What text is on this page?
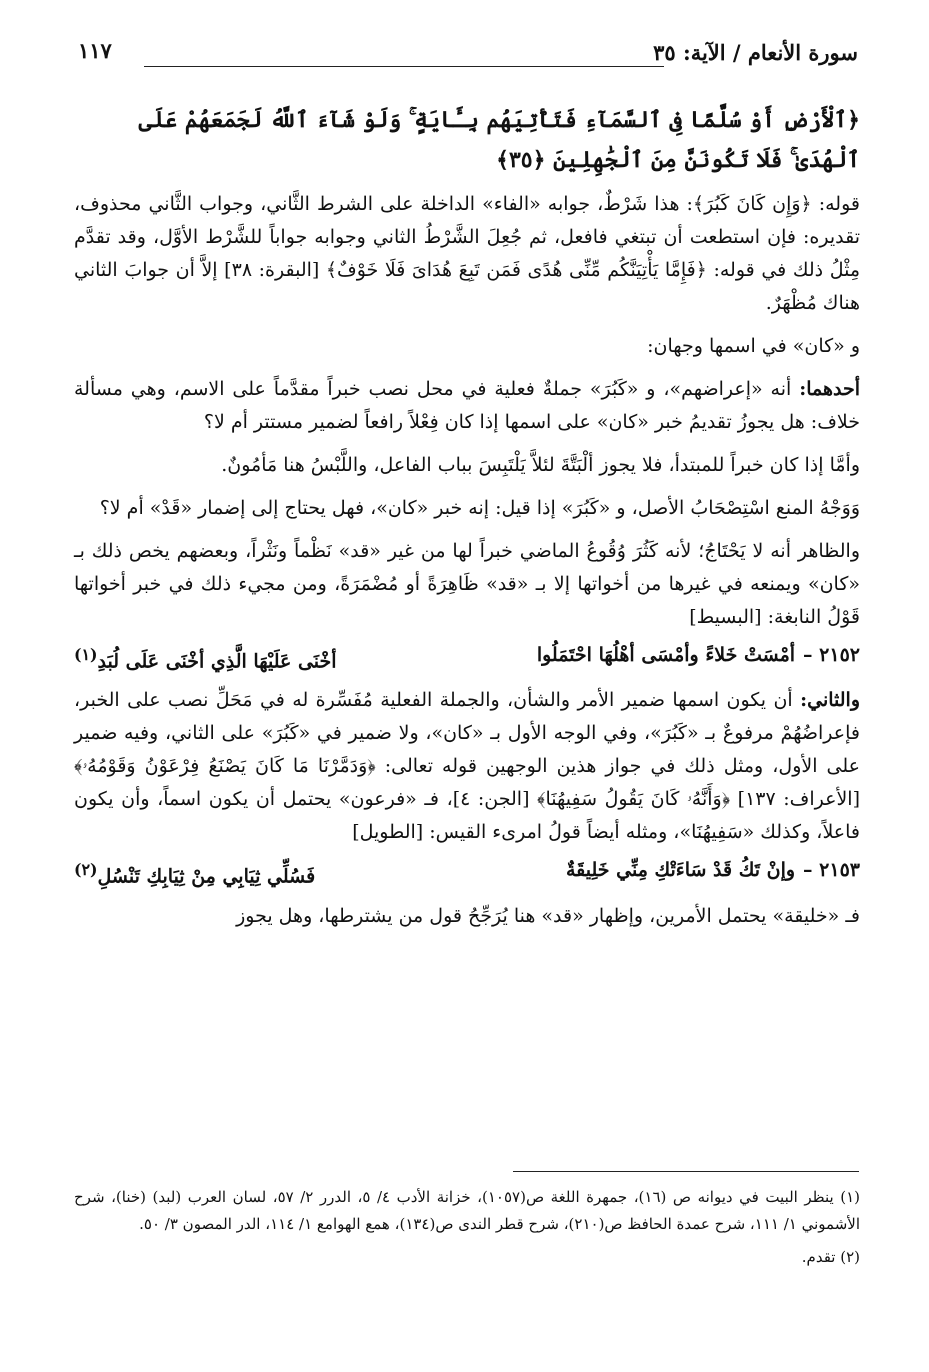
سورة الأنعام / الآية: ٣٥
١١٧

﴿ٱلْأَرْضِ أَوْ سُلَّمًا فِى ٱلسَّمَآءِ فَتَأْتِيَهُم بِـَٔايَةٍ ۚ وَلَوْ شَآءَ ٱللَّهُ لَجَمَعَهُمْ عَلَى ٱلْهُدَىٰ ۚ فَلَا تَكُونَنَّ مِنَ ٱلْجَٰهِلِينَ ﴿٣٥﴾

قوله: ﴿وَإِن كَانَ كَبُرَ﴾: هذا شَرْطٌ، جوابه «الفاء» الداخلة على الشرط الثَّاني، وجواب الثَّاني محذوف، تقديره: فإن استطعت أن تبتغي فافعل، ثم جُعِلَ الشَّرْطُ الثاني وجوابه جواباً للشَّرْط الأوَّل، وقد تقدَّم مِثْلُ ذلك في قوله: ﴿فَإِمَّا يَأْتِيَنَّكُم مِّنِّى هُدًى فَمَن تَبِعَ هُدَاىَ فَلَا خَوْفٌ﴾ [البقرة: ٣٨] إلاَّ أن جوابَ الثاني هناك مُظْهَرٌ.

و «كان» في اسمها وجهان:

أحدهما: أنه «إعراضهم»، و «كَبُرَ» جملةٌ فعلية في محل نصب خبراً مقدَّماً على الاسم، وهي مسألة خلاف: هل يجوزُ تقديمُ خبر «كان» على اسمها إذا كان فِعْلاً رافعاً لضمير مستتر أم لا؟

وأمَّا إذا كان خبراً للمبتدأ، فلا يجوز ألْبَتَّةَ لئلاَّ يَلْتَبِسَ بباب الفاعل، واللَّبْسُ هنا مَأمُونٌ.

وَوَجْهُ المنع اسْتِصْحَابُ الأصل، و «كَبُرَ» إذا قيل: إنه خبر «كان»، فهل يحتاج إلى إضمار «قَدْ» أم لا؟

والظاهر أنه لا يَحْتَاجُ؛ لأنه كَثُرَ وُقُوعُ الماضي خبراً لها من غير «قد» نَظْماً ونَثْراً، وبعضهم يخص ذلك بـ «كان» ويمنعه في غيرها من أخواتها إلا بـ «قد» ظَاهِرَةً أو مُضْمَرَةً، ومن مجيء ذلك في خبر أخواتها قَوْلُ النابغة: [البسيط]

٢١٥٢ –
أمْسَتْ خَلاءً وأمْسَى أهْلُهَا احْتَمَلُوا
أخْنَى عَلَيْهَا الَّذِي أخْنَى عَلَى لُبَدِ$^{(١)}$

والثاني: أن يكون اسمها ضمير الأمر والشأن، والجملة الفعلية مُفَسِّرة له في مَحَلِّ نصب على الخبر، فإعراضُهُمْ مرفوعٌ بـ «كَبُرَ»، وفي الوجه الأول بـ «كان»، ولا ضمير في «كَبُرَ» على الثاني، وفيه ضمير على الأول، ومثل ذلك في جواز هذين الوجهين قوله تعالى: ﴿وَدَمَّرْنَا مَا كَانَ يَصْنَعُ فِرْعَوْنُ وَقَوْمُهُۥ﴾ [الأعراف: ١٣٧] ﴿وَأَنَّهُۥ كَانَ يَقُولُ سَفِيهُنَا﴾ [الجن: ٤]، فـ «فرعون» يحتمل أن يكون اسماً، وأن يكون فاعلاً، وكذلك «سَفِيهُنَا»، ومثله أيضاً قولُ امرىء القيس: [الطويل]

٢١٥٣ –
وإنْ تَكُ قَدْ سَاءَتْكِ مِنِّي خَلِيقَةٌ
فَسُلِّي ثِيَابِي مِنْ ثِيَابِكِ تَنْسُلِ$^{(٢)}$

فـ «خليقة» يحتمل الأمرين، وإظهار «قد» هنا يُرَجِّحُ قول من يشترطها، وهل يجوز

(١) ينظر البيت في ديوانه ص (١٦)، جمهرة اللغة ص(١٠٥٧)، خزانة الأدب ٤/ ٥، الدرر ٢/ ٥٧، لسان العرب (لبد) (خنا)، شرح الأشموني ١/ ١١١، شرح عمدة الحافظ ص(٢١٠)، شرح قطر الندى ص(١٣٤)، همع الهوامع ١/ ١١٤، الدر المصون ٣/ ٥٠.

(٢) تقدم.
